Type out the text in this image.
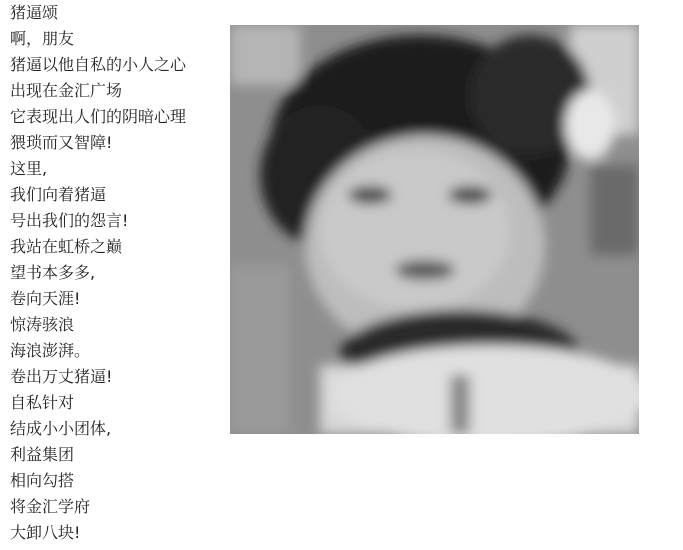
猪逼颂
啊，朋友
猪逼以他自私的小人之心
出现在金汇广场
它表现出人们的阴暗心理
猥琐而又智障!
这里,
我们向着猪逼
号出我们的怨言!
我站在虹桥之巅
望书本多多,
卷向天涯!
惊涛骇浪
海浪澎湃。
卷出万丈猪逼!
自私针对
结成小小团体,
利益集团
相向勾搭
将金汇学府
大卸八块!
